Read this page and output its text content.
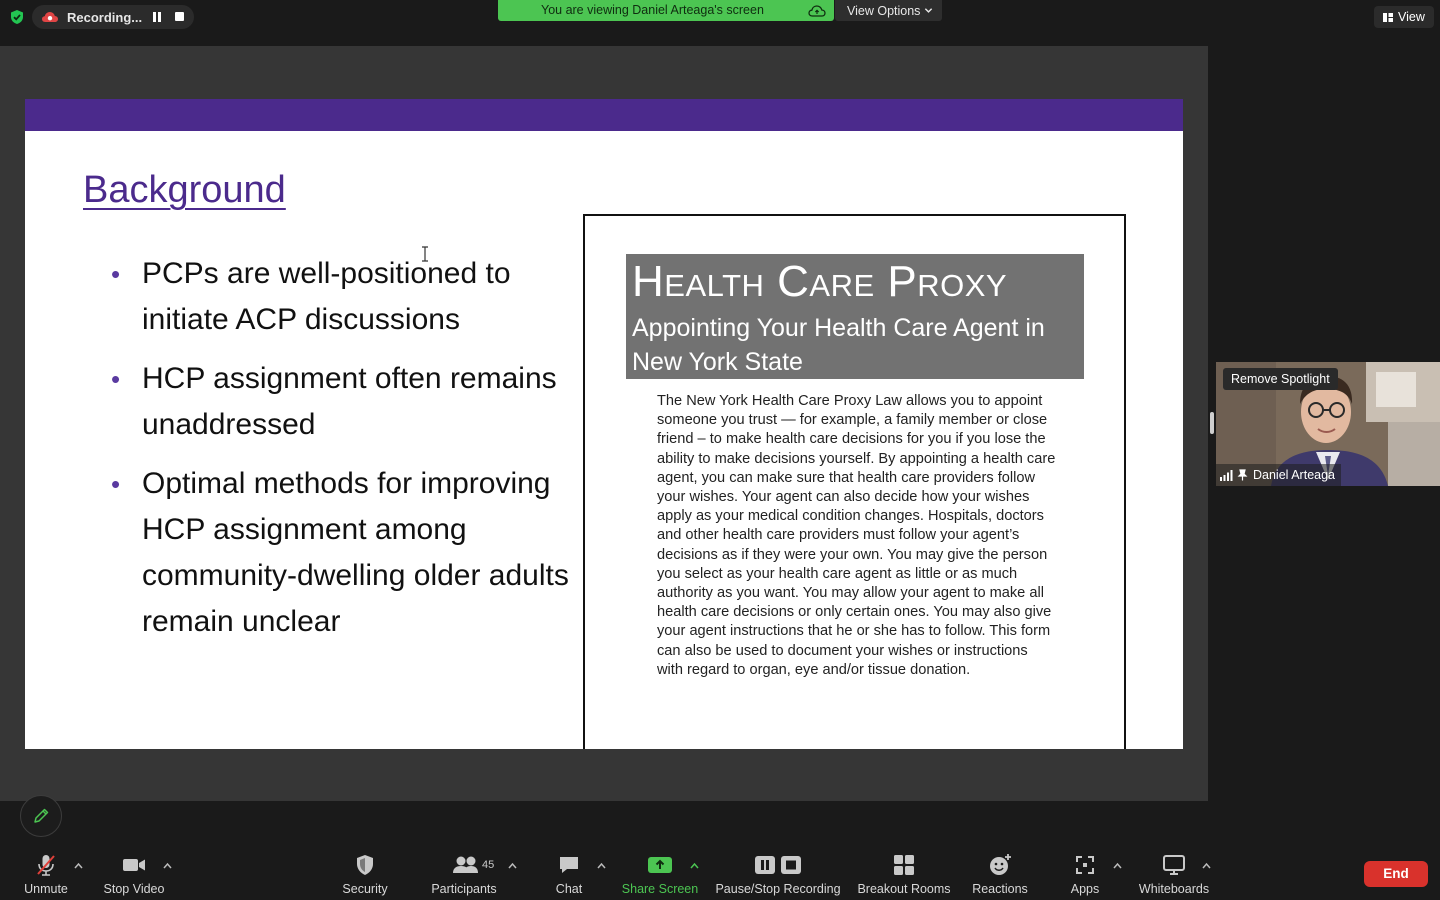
Recording...	You are viewing Daniel Arteaga's screen	View Options	View
Background
• PCPs are well-positioned to initiate ACP discussions
• HCP assignment often remains unaddressed
• Optimal methods for improving HCP assignment among community-dwelling older adults remain unclear
Health Care Proxy
Appointing Your Health Care Agent in New York State
The New York Health Care Proxy Law allows you to appoint someone you trust — for example, a family member or close friend – to make health care decisions for you if you lose the ability to make decisions yourself. By appointing a health care agent, you can make sure that health care providers follow your wishes. Your agent can also decide how your wishes apply as your medical condition changes. Hospitals, doctors and other health care providers must follow your agent’s decisions as if they were your own. You may give the person you select as your health care agent as little or as much authority as you want. You may allow your agent to make all health care decisions or only certain ones. You may also give your agent instructions that he or she has to follow. This form can also be used to document your wishes or instructions with regard to organ, eye and/or tissue donation.
Remove Spotlight
Daniel Arteaga
Unmute	Stop Video	Security
45
Participants	Chat	Share Screen Pause/Stop Recording Breakout Rooms	Reactions	Apps	Whiteboards
End
